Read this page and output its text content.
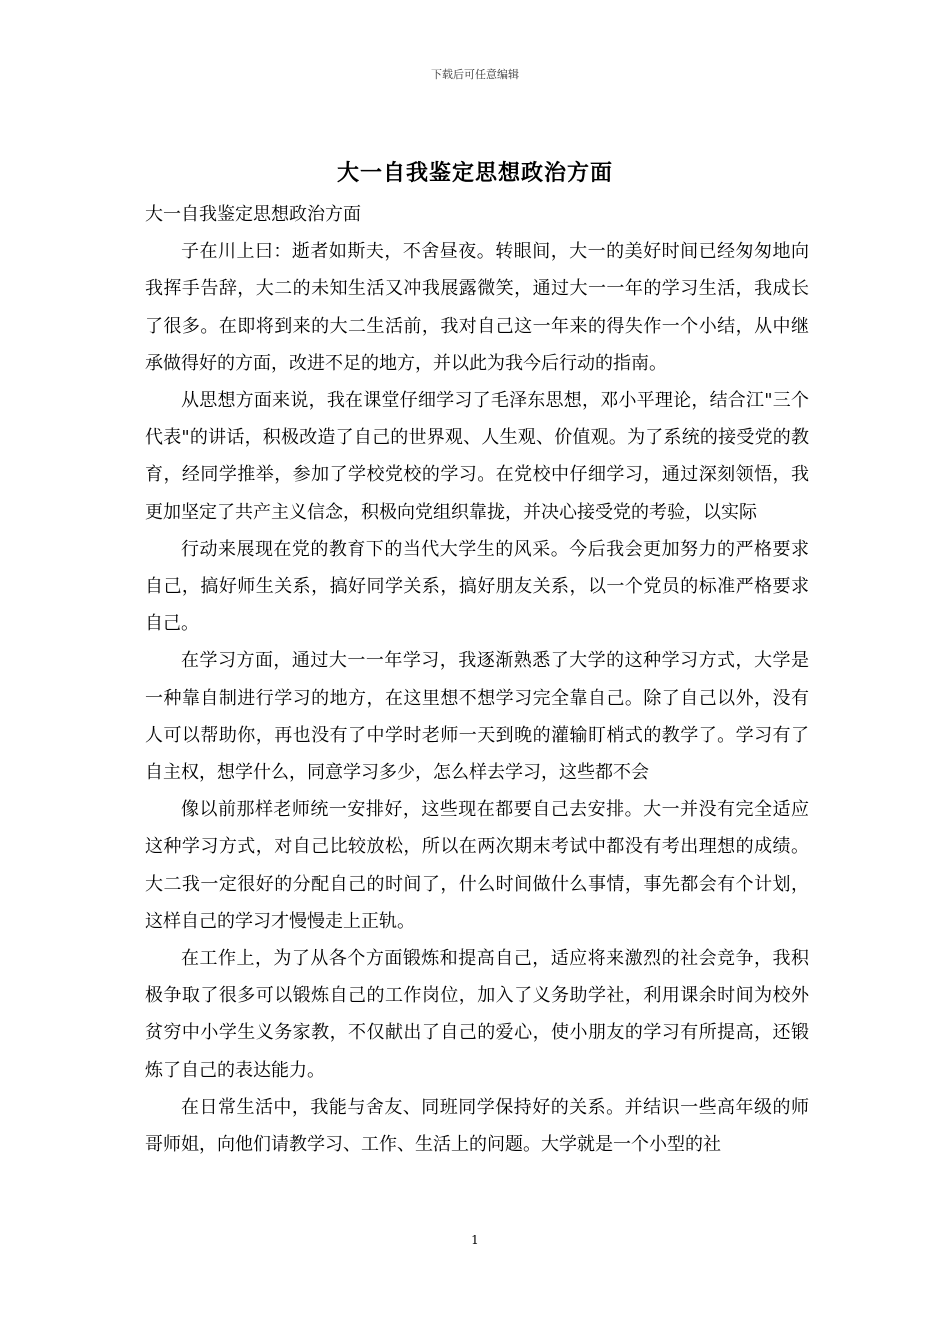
下载后可任意编辑
大一自我鉴定思想政治方面

大一自我鉴定思想政治方面

子在川上曰：逝者如斯夫，不舍昼夜。转眼间，大一的美好时间已经匆匆地向我挥手告辞，大二的未知生活又冲我展露微笑，通过大一一年的学习生活，我成长了很多。在即将到来的大二生活前，我对自己这一年来的得失作一个小结，从中继承做得好的方面，改进不足的地方，并以此为我今后行动的指南。

从思想方面来说，我在课堂仔细学习了毛泽东思想，邓小平理论，结合江"三个代表"的讲话，积极改造了自己的世界观、人生观、价值观。为了系统的接受党的教育，经同学推举，参加了学校党校的学习。在党校中仔细学习，通过深刻领悟，我更加坚定了共产主义信念，积极向党组织靠拢，并决心接受党的考验，以实际

行动来展现在党的教育下的当代大学生的风采。今后我会更加努力的严格要求自己，搞好师生关系，搞好同学关系，搞好朋友关系，以一个党员的标准严格要求自己。

在学习方面，通过大一一年学习，我逐渐熟悉了大学的这种学习方式，大学是一种靠自制进行学习的地方，在这里想不想学习完全靠自己。除了自己以外，没有人可以帮助你，再也没有了中学时老师一天到晚的灌输盯梢式的教学了。学习有了自主权，想学什么，同意学习多少，怎么样去学习，这些都不会

像以前那样老师统一安排好，这些现在都要自己去安排。大一并没有完全适应这种学习方式，对自己比较放松，所以在两次期末考试中都没有考出理想的成绩。大二我一定很好的分配自己的时间了，什么时间做什么事情，事先都会有个计划，这样自己的学习才慢慢走上正轨。

在工作上，为了从各个方面锻炼和提高自己，适应将来激烈的社会竞争，我积极争取了很多可以锻炼自己的工作岗位，加入了义务助学社，利用课余时间为校外贫穷中小学生义务家教，不仅献出了自己的爱心，使小朋友的学习有所提高，还锻炼了自己的表达能力。

在日常生活中，我能与舍友、同班同学保持好的关系。并结识一些高年级的师哥师姐，向他们请教学习、工作、生活上的问题。大学就是一个小型的社

1
